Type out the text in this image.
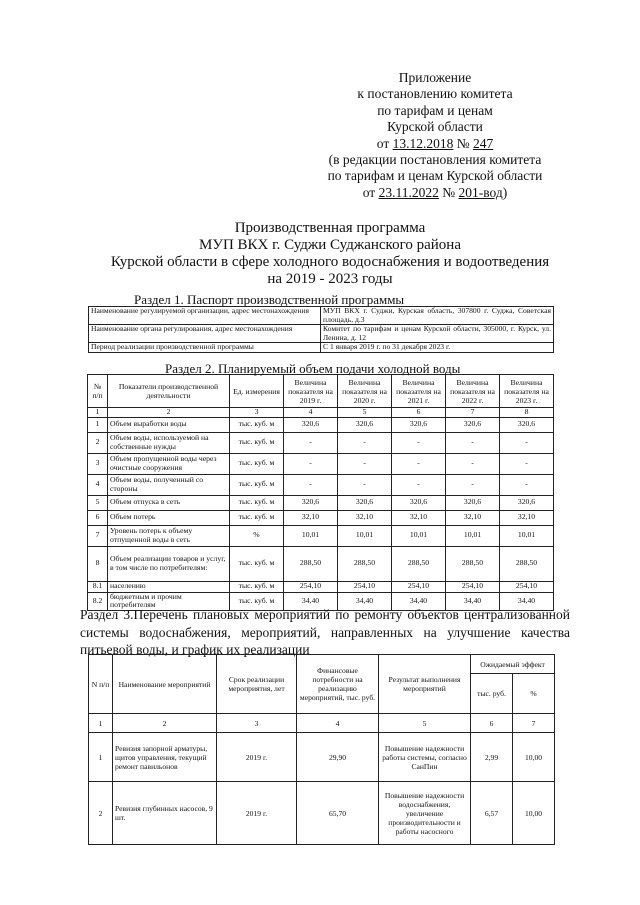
Приложение
к постановлению комитета
по тарифам и ценам
Курской области
от 13.12.2018 № 247
(в редакции постановления комитета
по тарифам и ценам Курской области
от 23.11.2022 № 201-вод)
Производственная программа
МУП ВКХ г. Суджи Суджанского района
Курской области в сфере холодного водоснабжения и водоотведения
на 2019 - 2023 годы
Раздел 1. Паспорт производственной программы
Наименование регулируемой организации, адрес местонахождения	МУП ВКХ г. Суджи, Курская область, 307800 г. Суджа, Советская площадь, д.3
Наименование органа регулирования, адрес местонахождения	Комитет по тарифам и ценам Курской области, 305000, г. Курск, ул. Ленина, д. 12
Период реализации производственной программы	С 1 января 2019 г. по 31 декабря 2023 г.
Раздел 2. Планируемый объем подачи холодной воды
№ п/п	Показатели производственной деятельности	Ед. измерения	Величина показателя на 2019 г.	Величина показателя на 2020 г.	Величина показателя на 2021 г.	Величина показателя на 2022 г.	Величина показателя на 2023 г.
1	2	3	4	5	6	7	8
1	Объем выработки воды	тыс. куб. м	320,6	320,6	320,6	320,6	320,6
2	Объем воды, используемой на собственные нужды	тыс. куб. м	-	-	-	-	-
3	Объем пропущенной воды через очистные сооружения	тыс. куб. м	-	-	-	-	-
4	Объем воды, полученный со стороны	тыс. куб. м	-	-	-	-	-
5	Объем отпуска в сеть	тыс. куб. м	320,6	320,6	320,6	320,6	320,6
6	Объем потерь	тыс. куб. м	32,10	32,10	32,10	32,10	32,10
7	Уровень потерь к объему отпущенной воды в сеть	%	10,01	10,01	10,01	10,01	10,01
8	Объем реализации товаров и услуг, в том числе по потребителям:	тыс. куб. м	288,50	288,50	288,50	288,50	288,50
8.1	населению	тыс. куб. м	254,10	254,10	254,10	254,10	254,10
8.2	бюджетным и прочим потребителям	тыс. куб. м	34,40	34,40	34,40	34,40	34,40
Раздел 3.Перечень плановых мероприятий по ремонту объектов централизованной системы водоснабжения, мероприятий, направленных на улучшение качества питьевой воды, и график их реализации
N п/п	Наименование мероприятий	Срок реализации мероприятия, лет	Финансовые потребности на реализацию мероприятий, тыс. руб.	Результат выполнения мероприятий	Ожидаемый эффект	
					тыс. руб.	%
1	2	3	4	5	6	7
1	Ревизия запорной арматуры, щитов управления, текущий ремонт павильонов	2019 г.	29,90	Повышение надежности работы системы, согласно СанПин	2,99	10,00
2	Ревизия глубинных насосов, 9 шт.	2019 г.	65,70	Повышение надежности водоснабжения, увеличение производительности и работы насосного	6,57	10,00
